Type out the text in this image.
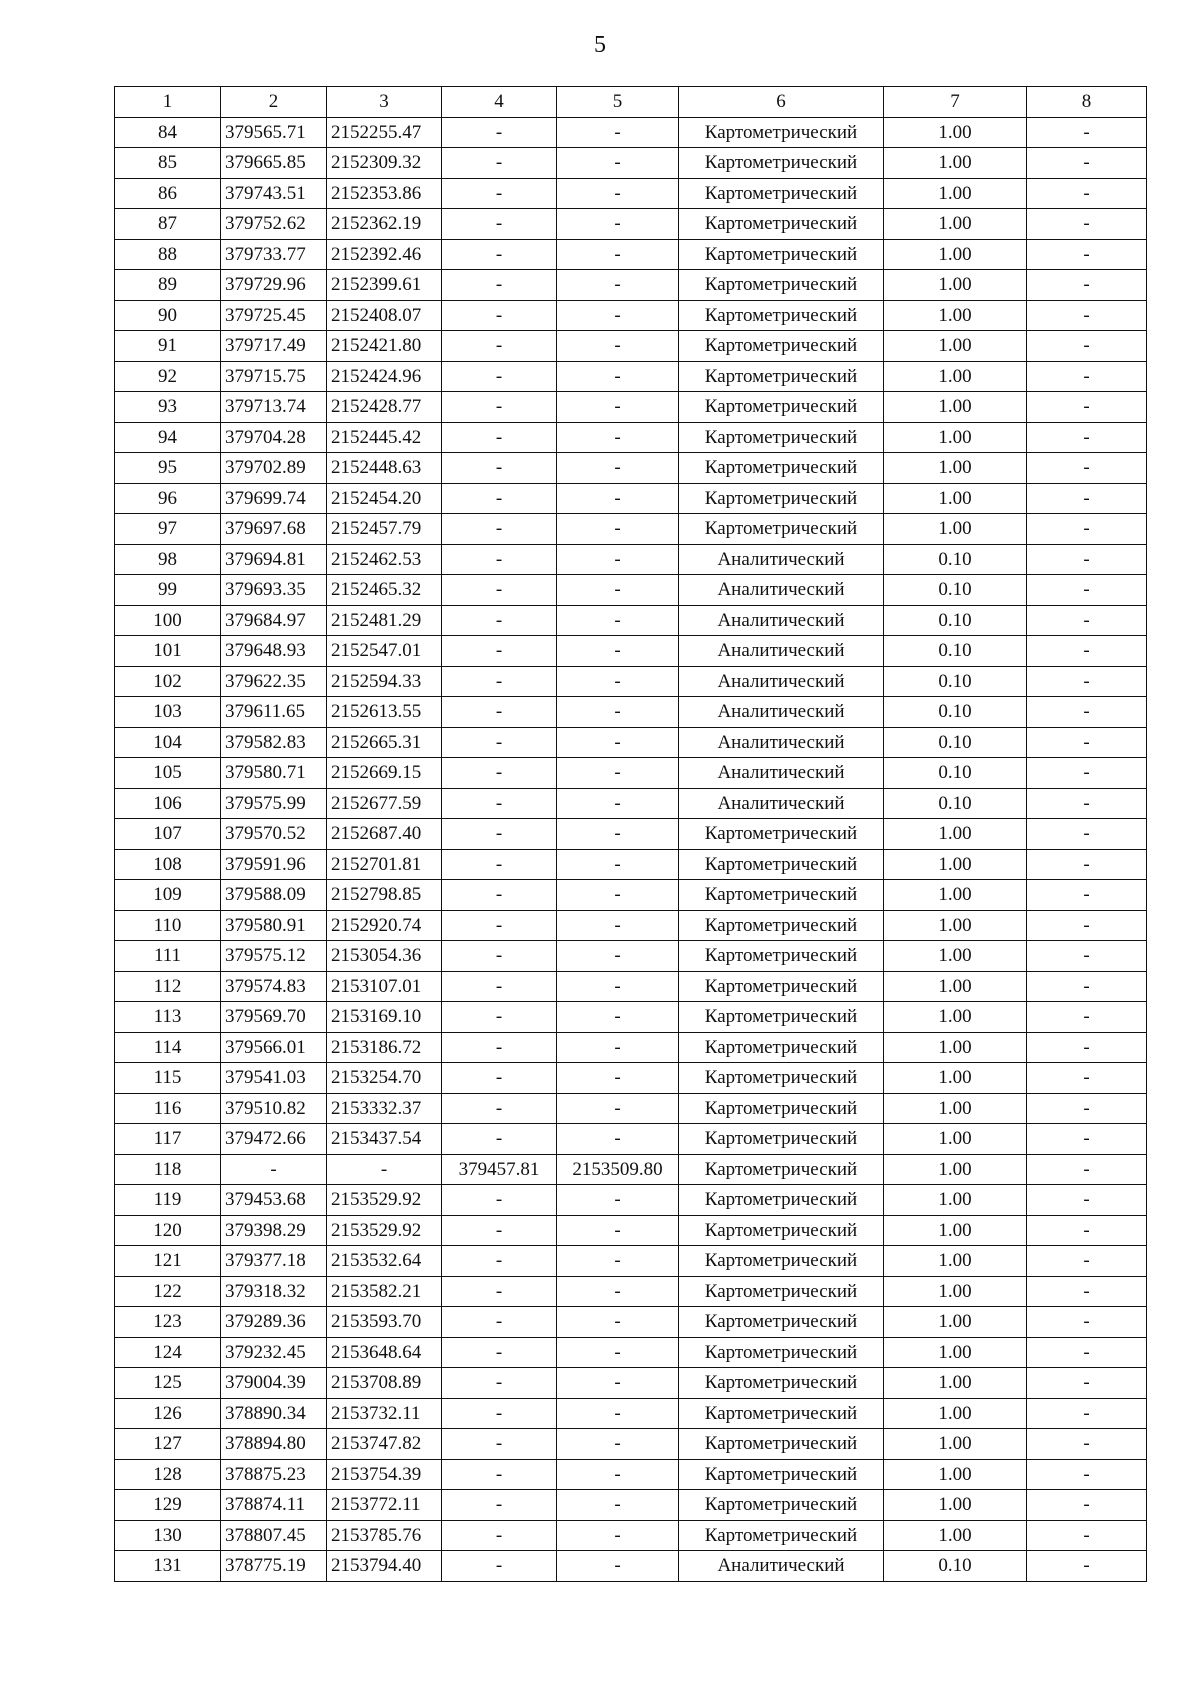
5
1	2	3	4	5	6	7	8
84	379565.71	2152255.47	-	-	Картометрический	1.00	-
85	379665.85	2152309.32	-	-	Картометрический	1.00	-
86	379743.51	2152353.86	-	-	Картометрический	1.00	-
87	379752.62	2152362.19	-	-	Картометрический	1.00	-
88	379733.77	2152392.46	-	-	Картометрический	1.00	-
89	379729.96	2152399.61	-	-	Картометрический	1.00	-
90	379725.45	2152408.07	-	-	Картометрический	1.00	-
91	379717.49	2152421.80	-	-	Картометрический	1.00	-
92	379715.75	2152424.96	-	-	Картометрический	1.00	-
93	379713.74	2152428.77	-	-	Картометрический	1.00	-
94	379704.28	2152445.42	-	-	Картометрический	1.00	-
95	379702.89	2152448.63	-	-	Картометрический	1.00	-
96	379699.74	2152454.20	-	-	Картометрический	1.00	-
97	379697.68	2152457.79	-	-	Картометрический	1.00	-
98	379694.81	2152462.53	-	-	Аналитический	0.10	-
99	379693.35	2152465.32	-	-	Аналитический	0.10	-
100	379684.97	2152481.29	-	-	Аналитический	0.10	-
101	379648.93	2152547.01	-	-	Аналитический	0.10	-
102	379622.35	2152594.33	-	-	Аналитический	0.10	-
103	379611.65	2152613.55	-	-	Аналитический	0.10	-
104	379582.83	2152665.31	-	-	Аналитический	0.10	-
105	379580.71	2152669.15	-	-	Аналитический	0.10	-
106	379575.99	2152677.59	-	-	Аналитический	0.10	-
107	379570.52	2152687.40	-	-	Картометрический	1.00	-
108	379591.96	2152701.81	-	-	Картометрический	1.00	-
109	379588.09	2152798.85	-	-	Картометрический	1.00	-
110	379580.91	2152920.74	-	-	Картометрический	1.00	-
111	379575.12	2153054.36	-	-	Картометрический	1.00	-
112	379574.83	2153107.01	-	-	Картометрический	1.00	-
113	379569.70	2153169.10	-	-	Картометрический	1.00	-
114	379566.01	2153186.72	-	-	Картометрический	1.00	-
115	379541.03	2153254.70	-	-	Картометрический	1.00	-
116	379510.82	2153332.37	-	-	Картометрический	1.00	-
117	379472.66	2153437.54	-	-	Картометрический	1.00	-
118	-	-	379457.81	2153509.80	Картометрический	1.00	-
119	379453.68	2153529.92	-	-	Картометрический	1.00	-
120	379398.29	2153529.92	-	-	Картометрический	1.00	-
121	379377.18	2153532.64	-	-	Картометрический	1.00	-
122	379318.32	2153582.21	-	-	Картометрический	1.00	-
123	379289.36	2153593.70	-	-	Картометрический	1.00	-
124	379232.45	2153648.64	-	-	Картометрический	1.00	-
125	379004.39	2153708.89	-	-	Картометрический	1.00	-
126	378890.34	2153732.11	-	-	Картометрический	1.00	-
127	378894.80	2153747.82	-	-	Картометрический	1.00	-
128	378875.23	2153754.39	-	-	Картометрический	1.00	-
129	378874.11	2153772.11	-	-	Картометрический	1.00	-
130	378807.45	2153785.76	-	-	Картометрический	1.00	-
131	378775.19	2153794.40	-	-	Аналитический	0.10	-
